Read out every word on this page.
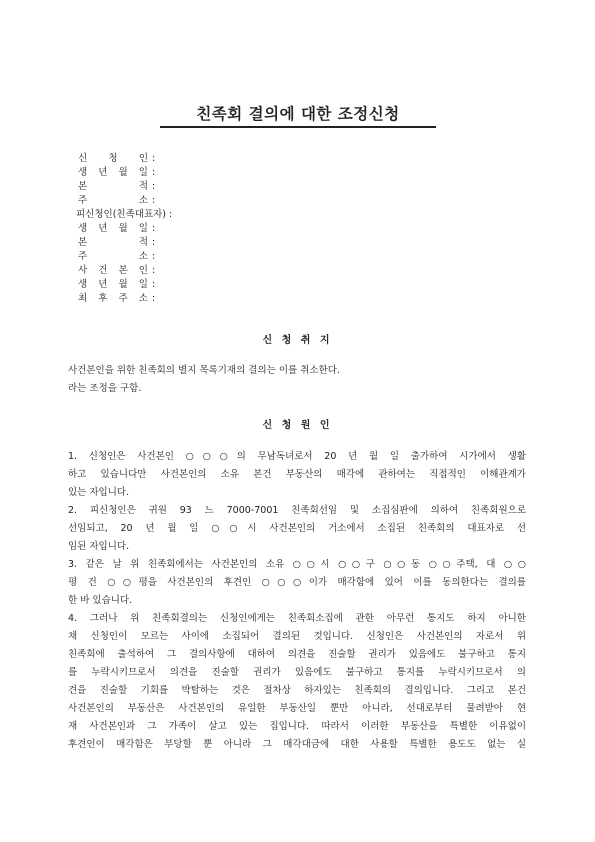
친족회 결의에 대한 조정신청
신 청 인 :
생 년 월 일 :
본 적 :
주 소 :
피신청인(친족대표자) :
생 년 월 일 :
본 적 :
주 소 :
사 건 본 인 :
생 년 월 일 :
최 후 주 소 :
신 청 취 지
사건본인을 위한 친족회의 별지 목록기재의 결의는 이를 취소한다.
라는 조정을 구함.
신 청 원 인
1. 신청인은 사건본인 ○○○의 무남독녀로서 20 년 월 일 출가하여 시가에서 생활
하고 있습니다만 사건본인의 소유 본건 부동산의 매각에 관하여는 직접적인 이해관계가
있는 자입니다.
2. 피신청인은 귀원 93 느 7000-7001 친족회선임 및 소집심판에 의하여 친족회원으로
선임되고, 20 년 월 일 ○○시 사건본인의 거소에서 소집된 친족회의 대표자로 선
임된 자입니다.
3. 같은 날 위 친족회에서는 사건본인의 소유 ○○시 ○○구 ○○동 ○○주택, 대 ○○
평 건 ○○평을 사건본인의 후견인 ○○○이가 매각함에 있어 이를 동의한다는 결의를
한 바 있습니다.
4. 그러나 위 친족회결의는 신청인에게는 친족회소집에 관한 아무런 통지도 하지 아니한
채 신청인이 모르는 사이에 소집되어 결의된 것입니다. 신청인은 사건본인의 자로서 위
친족회에 출석하여 그 결의사항에 대하여 의견을 진술할 권리가 있음에도 불구하고 통지
를 누락시키므로서 의견을 진술할 권리가 있음에도 불구하고 통지를 누락시키므로서 의
견을 진술할 기회를 박탈하는 것은 절차상 하자있는 친족회의 결의입니다. 그리고 본건
사건본인의 부동산은 사건본인의 유일한 부동산일 뿐만 아니라, 선대로부터 물려받아 현
재 사건본인과 그 가족이 살고 있는 집입니다. 따라서 이러한 부동산을 특별한 이유없이
후견인이 매각함은 부당할 뿐 아니라 그 매각대금에 대한 사용할 특별한 용도도 없는 실
